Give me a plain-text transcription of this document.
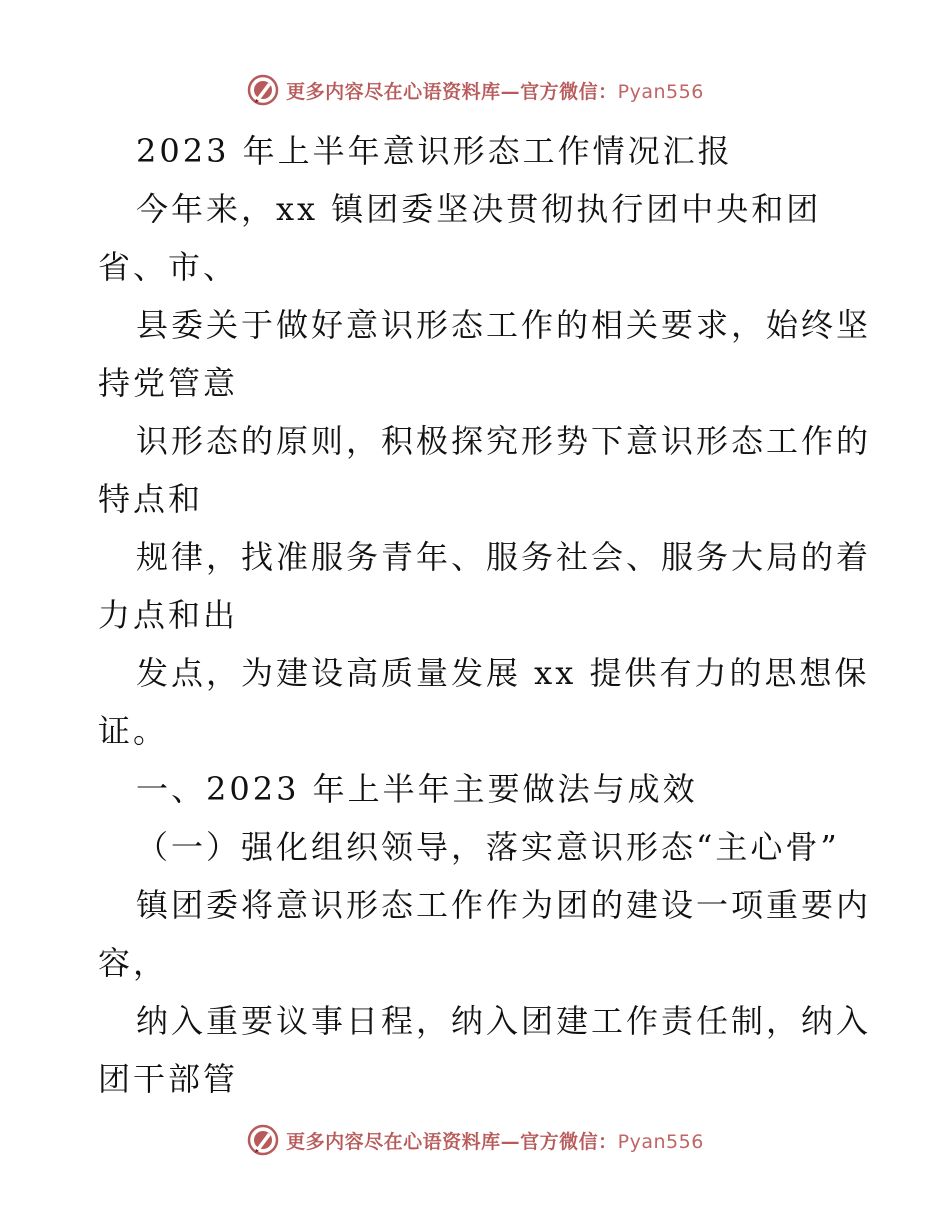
更多内容尽在心语资料库—官方微信：Pyan556
2023 年上半年意识形态工作情况汇报
今年来，xx 镇团委坚决贯彻执行团中央和团
省、市、
县委关于做好意识形态工作的相关要求，始终坚
持党管意
识形态的原则，积极探究形势下意识形态工作的
特点和
规律，找准服务青年、服务社会、服务大局的着
力点和出
发点，为建设高质量发展 xx 提供有力的思想保
证。
一、2023 年上半年主要做法与成效
（一）强化组织领导，落实意识形态“主心骨”
镇团委将意识形态工作作为团的建设一项重要内
容，
纳入重要议事日程，纳入团建工作责任制，纳入
团干部管
更多内容尽在心语资料库—官方微信：Pyan556
